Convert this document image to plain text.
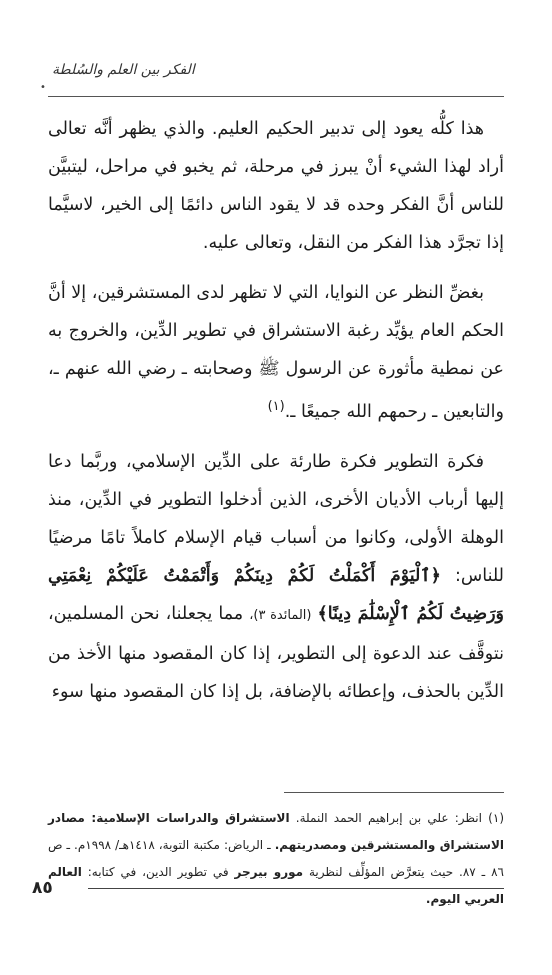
الفكر بين العلم والسُلطة
•

هذا كلُّه يعود إلى تدبير الحكيم العليم. والذي يظهر أنَّه تعالى أراد لهذا الشيء أنْ يبرز في مرحلة، ثم يخبو في مراحل، ليتبيَّن للناس أنَّ الفكر وحده قد لا يقود الناس دائمًا إلى الخير، لاسيَّما إذا تجرَّد هذا الفكر من النقل، وتعالى عليه.

بغضِّ النظر عن النوايا، التي لا تظهر لدى المستشرقين، إلا أنَّ الحكم العام يؤيِّد رغبة الاستشراق في تطوير الدِّين، والخروج به عن نمطية مأثورة عن الرسول ﷺ وصحابته ـ رضي الله عنهم ـ، والتابعين ـ رحمهم الله جميعًا ـ.$^{(١)}$

فكرة التطوير فكرة طارئة على الدِّين الإسلامي، وربَّما دعا إليها أرباب الأديان الأخرى، الذين أدخلوا التطوير في الدِّين، منذ الوهلة الأولى، وكانوا من أسباب قيام الإسلام كاملاً تامًا مرضيًا للناس: ﴿ٱلْيَوْمَ أَكْمَلْتُ لَكُمْ دِينَكُمْ وَأَتْمَمْتُ عَلَيْكُمْ نِعْمَتِي وَرَضِيتُ لَكُمُ ٱلْإِسْلَٰمَ دِينًا﴾ (المائدة ٣)، مما يجعلنا، نحن المسلمين، نتوقَّف عند الدعوة إلى التطوير، إذا كان المقصود منها الأخذ من الدِّين بالحذف، وإعطائه بالإضافة، بل إذا كان المقصود منها سوء

(١) انظر: علي بن إبراهيم الحمد النملة. الاستشراق والدراسات الإسلامية: مصادر الاستشراق والمستشرقين ومصدريتهم. ـ الرياض: مكتبة التوبة، ١٤١٨هـ/ ١٩٩٨م. ـ ص ٨٦ ـ ٨٧. حيث يتعرَّض المؤلِّف لنظرية مورو بيرجر في تطوير الدين، في كتابه: العالم العربي اليوم.
٨٥
